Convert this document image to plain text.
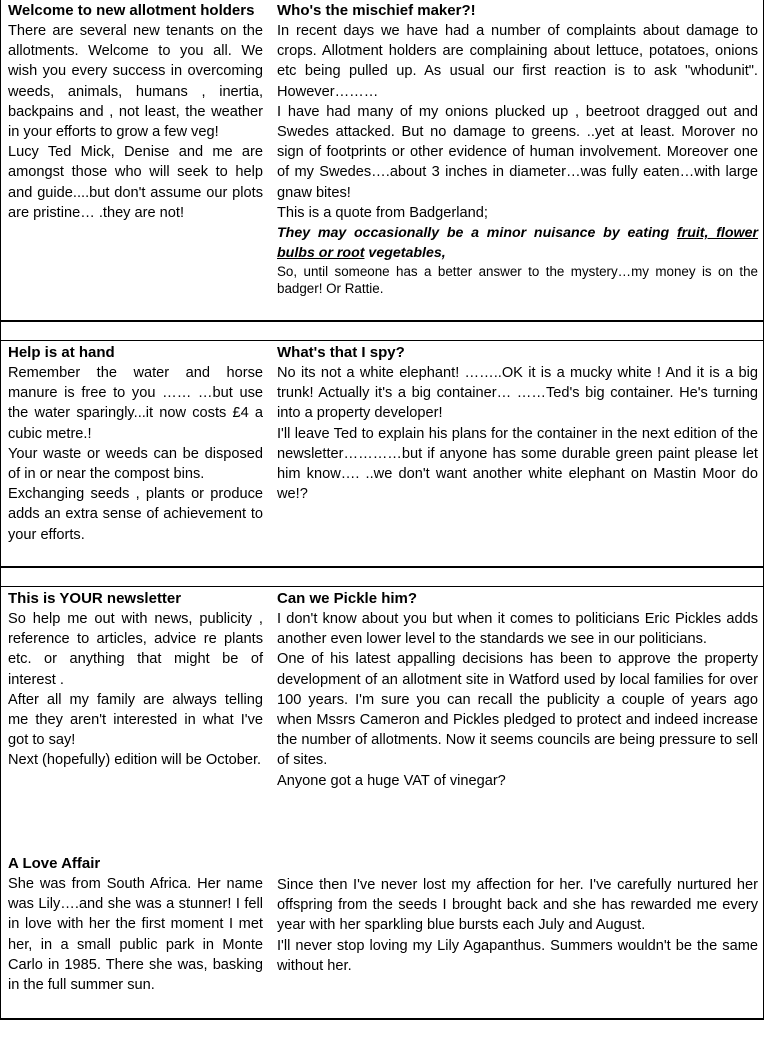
Welcome to new allotment holders

There are several new tenants on the allotments. Welcome to you all. We wish you every success in overcoming weeds, animals, humans , inertia, backpains and , not least, the weather in your efforts to grow a few veg!

Lucy Ted Mick, Denise and me are amongst those who will seek to help and guide....but don't assume our plots are pristine… .they are not!

Who's the mischief maker?!

In recent days we have had a number of complaints about damage to crops. Allotment holders are complaining about lettuce, potatoes, onions etc being pulled up. As usual our first reaction is to ask "whodunit". However………

I have had many of my onions plucked up , beetroot dragged out and Swedes attacked. But no damage to greens. ..yet at least. Morover no sign of footprints or other evidence of human involvement. Moreover one of my Swedes….about 3 inches in diameter…was fully eaten…with large gnaw bites!

This is a quote from Badgerland;

They may occasionally be a minor nuisance by eating fruit, flower bulbs or root vegetables,

So, until someone has a better answer to the mystery…my money is on the badger! Or Rattie.

Help is at hand

Remember the water and horse manure is free to you …… …but use the water sparingly...it now costs £4 a cubic metre.!

Your waste or weeds can be disposed of in or near the compost bins.

Exchanging seeds , plants or produce adds an extra sense of achievement to your efforts.

What's that I spy?

No its not a white elephant! ……..OK it is a mucky white ! And it is a big trunk! Actually it's a big container… ……Ted's big container. He's turning into a property developer!

I'll leave Ted to explain his plans for the container in the next edition of the newsletter…………but if anyone has some durable green paint please let him know…. ..we don't want another white elephant on Mastin Moor do we!?

This is YOUR newsletter

So help me out with news, publicity , reference to articles, advice re plants etc. or anything that might be of interest .

After all my family are always telling me they aren't interested in what I've got to say!

Next (hopefully) edition will be October.

Can we Pickle him?

I don't know about you but when it comes to politicians Eric Pickles adds another even lower level to the standards we see in our politicians.

One of his latest appalling decisions has been to approve the property development of an allotment site in Watford used by local families for over 100 years. I'm sure you can recall the publicity a couple of years ago when Mssrs Cameron and Pickles pledged to protect and indeed increase the number of allotments. Now it seems councils are being pressure to sell of sites.

Anyone got a huge VAT of vinegar?

A Love Affair

She was from South Africa. Her name was Lily….and she was a stunner! I fell in love with her the first moment I met her, in a small public park in Monte Carlo in 1985. There she was, basking in the full summer sun.

Since then I've never lost my affection for her. I've carefully nurtured her offspring from the seeds I brought back and she has rewarded me every year with her sparkling blue bursts each July and August.

I'll never stop loving my Lily Agapanthus. Summers wouldn't be the same without her.
